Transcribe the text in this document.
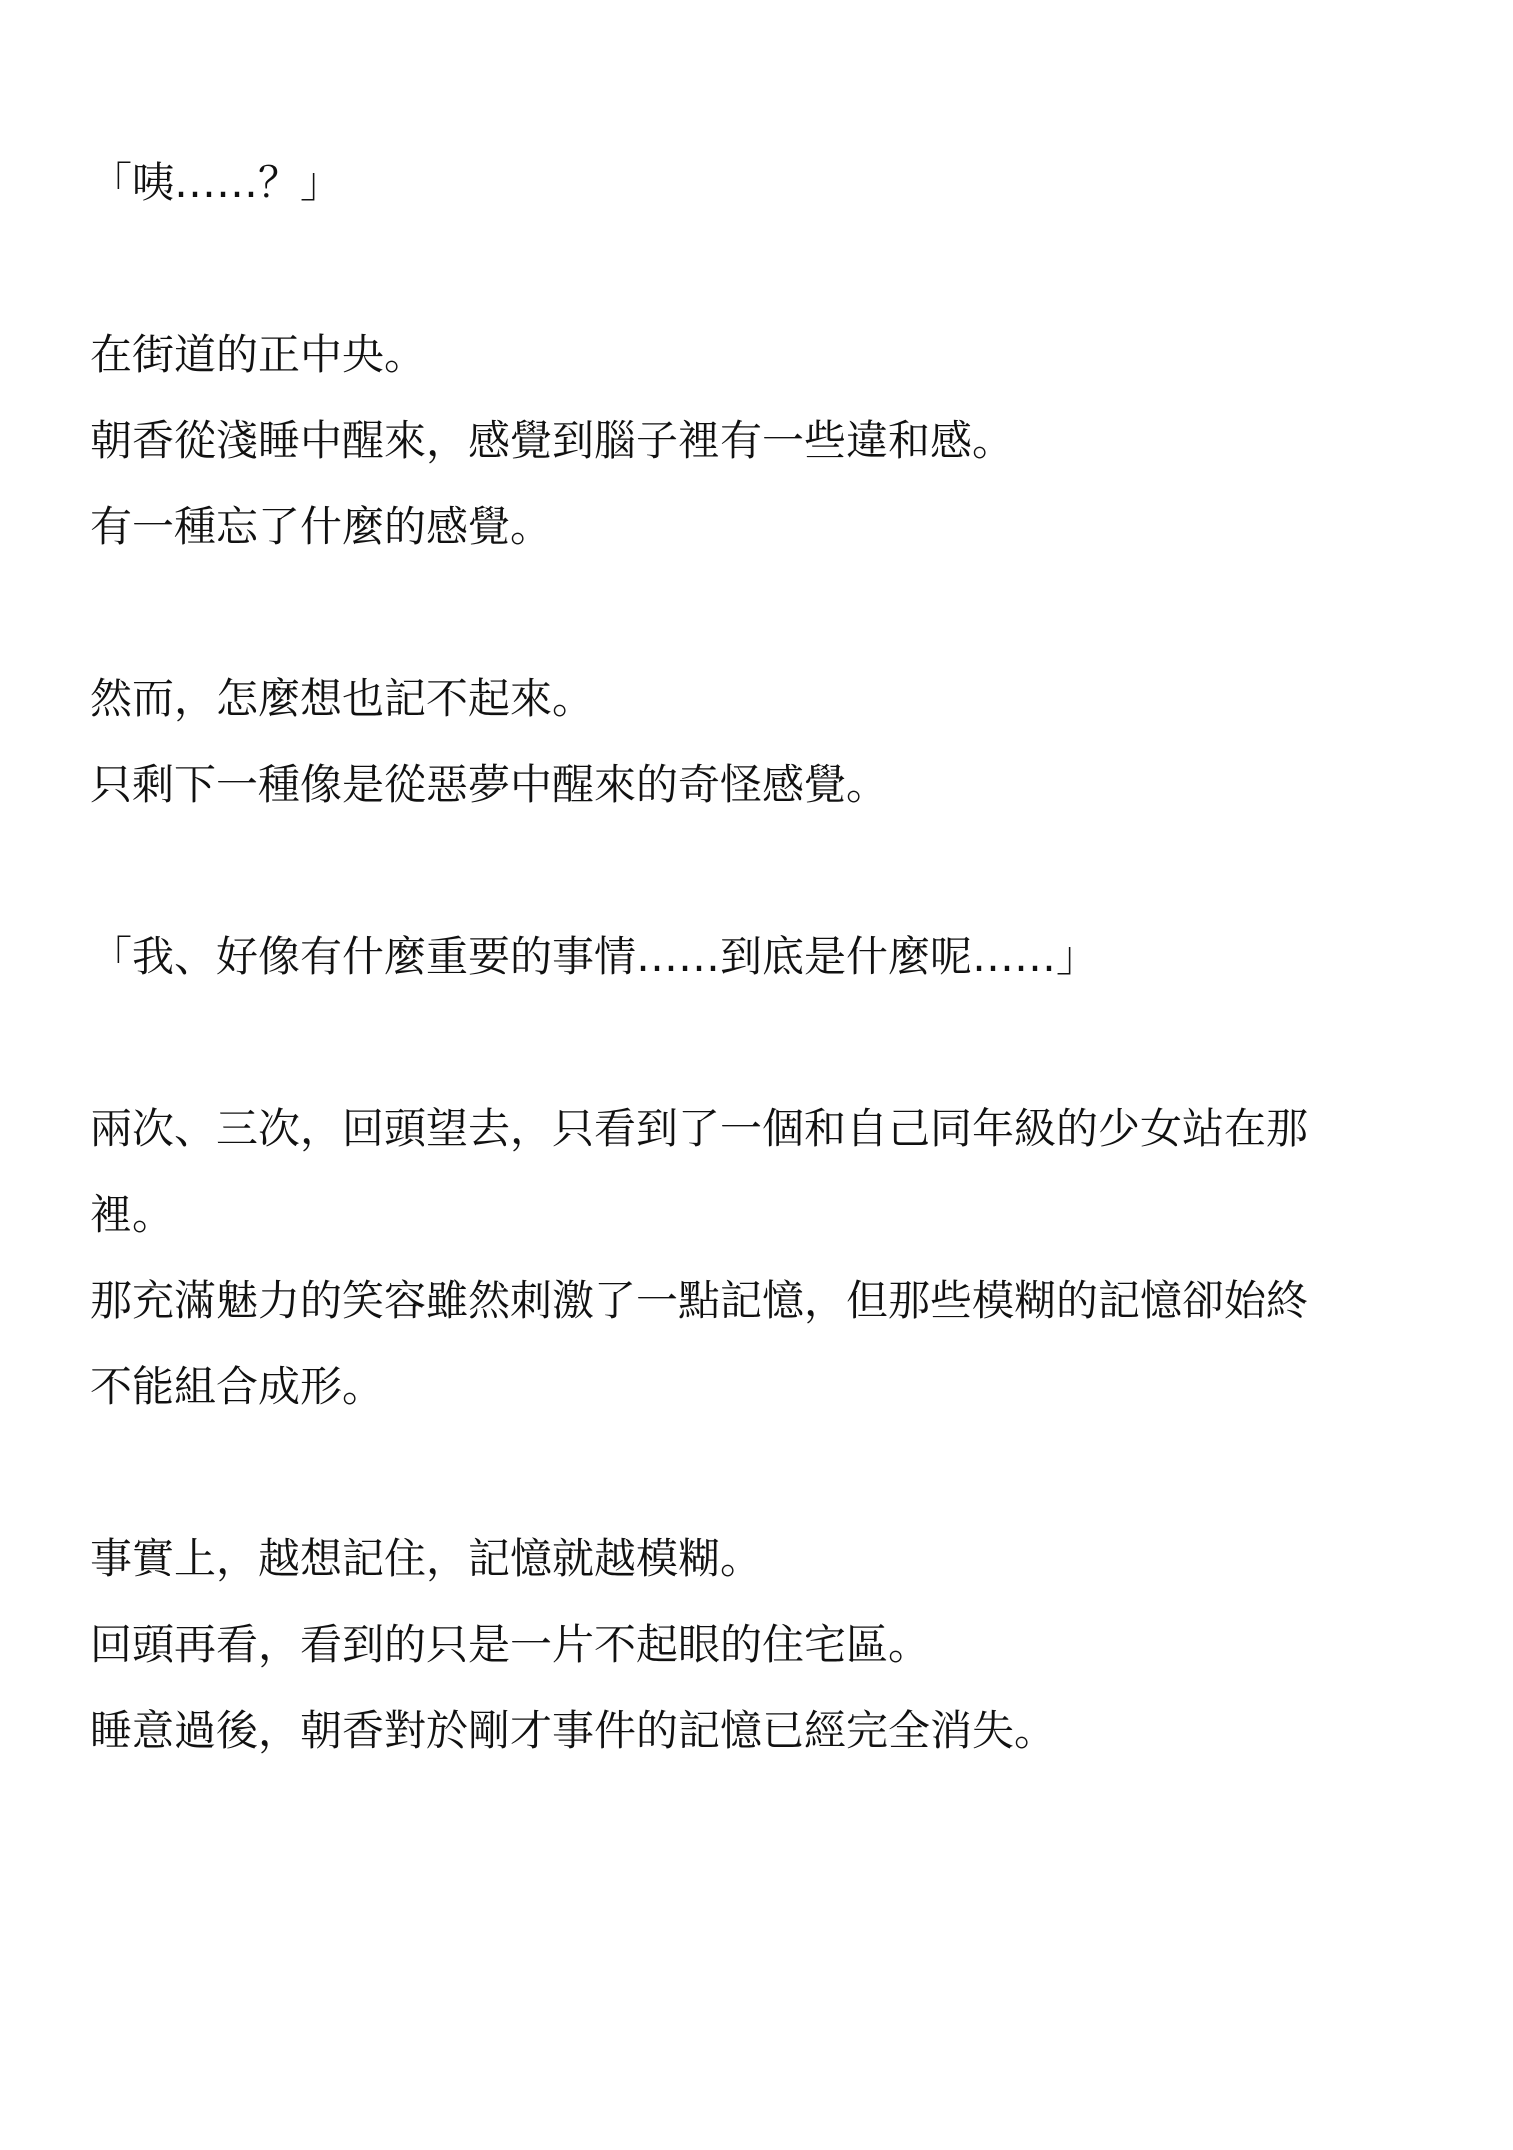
「咦……？」
在街道的正中央。
朝香從淺睡中醒來，感覺到腦子裡有一些違和感。
有一種忘了什麼的感覺。
然而，怎麼想也記不起來。
只剩下一種像是從惡夢中醒來的奇怪感覺。
「我、好像有什麼重要的事情……到底是什麼呢……」
兩次、三次，回頭望去，只看到了一個和自己同年級的少女站在那
裡。
那充滿魅力的笑容雖然刺激了一點記憶，但那些模糊的記憶卻始終
不能組合成形。
事實上，越想記住，記憶就越模糊。
回頭再看，看到的只是一片不起眼的住宅區。
睡意過後，朝香對於剛才事件的記憶已經完全消失。
